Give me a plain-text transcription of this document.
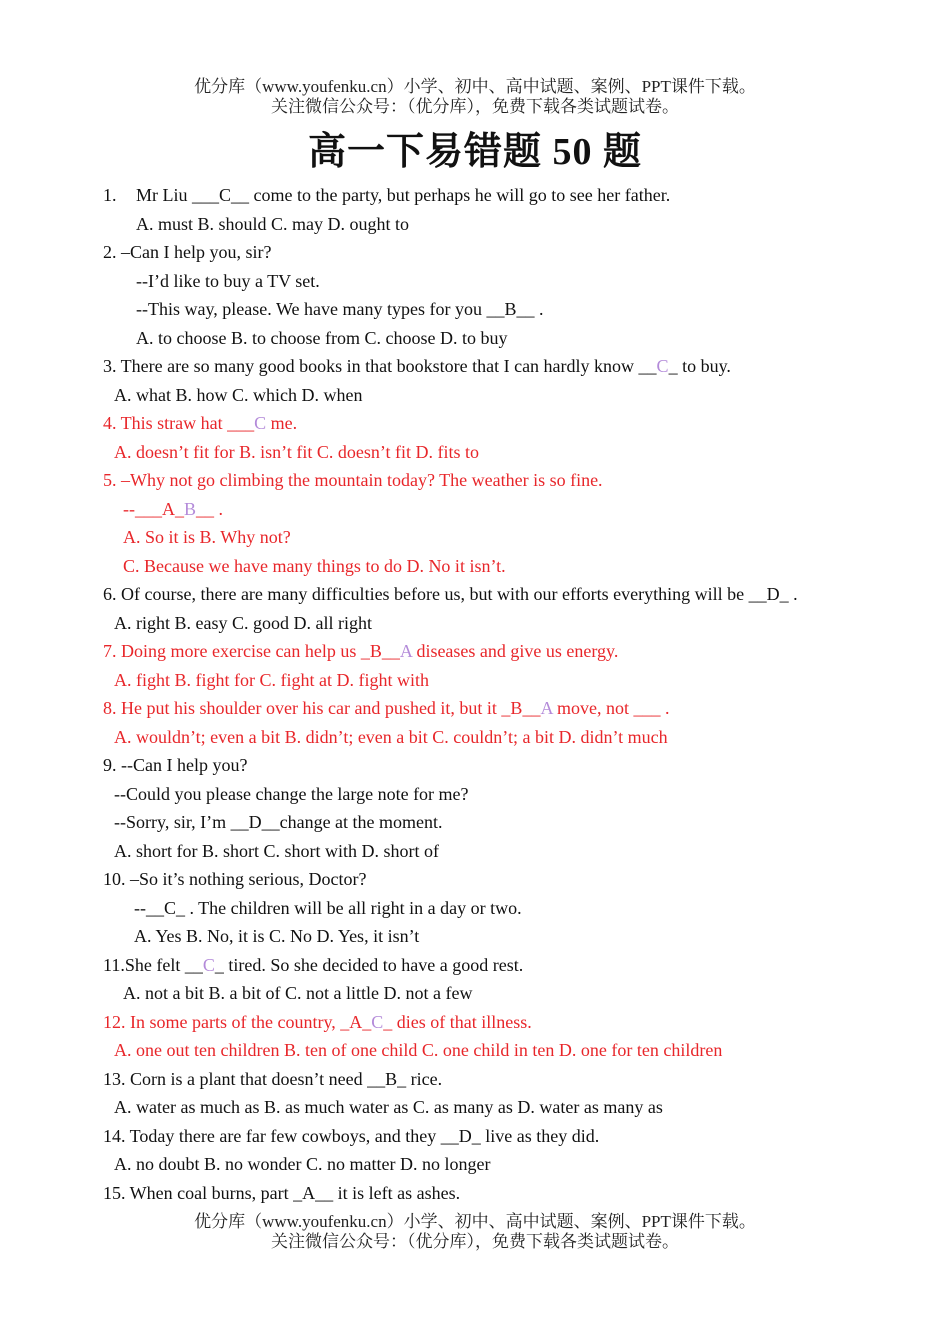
优分库（www.youfenku.cn）小学、初中、高中试题、案例、PPT课件下载。
关注微信公众号：（优分库），免费下载各类试题试卷。
高一下易错题 50 题
1. Mr Liu ___C__ come to the party, but perhaps he will go to see her father.
A. must B. should C. may D. ought to
2. –Can I help you, sir?
--I’d like to buy a TV set.
--This way, please. We have many types for you __B__ .
A. to choose B. to choose from C. choose D. to buy
3. There are so many good books in that bookstore that I can hardly know __C_ to buy.
A. what B. how C. which D. when
4. This straw hat ___C me.
A. doesn’t fit for B. isn’t fit C. doesn’t fit D. fits to
5. –Why not go climbing the mountain today? The weather is so fine.
--___A_B__ .
A. So it is B. Why not?
C. Because we have many things to do D. No it isn’t.
6. Of course, there are many difficulties before us, but with our efforts everything will be __D_ .
A. right B. easy C. good D. all right
7. Doing more exercise can help us _B__A diseases and give us energy.
A. fight B. fight for C. fight at D. fight with
8. He put his shoulder over his car and pushed it, but it _B__A move, not ___ .
A. wouldn’t; even a bit B. didn’t; even a bit C. couldn’t; a bit D. didn’t much
9. --Can I help you?
--Could you please change the large note for me?
--Sorry, sir, I’m __D__change at the moment.
A. short for B. short C. short with D. short of
10. –So it’s nothing serious, Doctor?
--__C_ . The children will be all right in a day or two.
A. Yes B. No, it is C. No D. Yes, it isn’t
11.She felt __C_ tired. So she decided to have a good rest.
A. not a bit B. a bit of C. not a little D. not a few
12. In some parts of the country, _A_C_ dies of that illness.
A. one out ten children B. ten of one child C. one child in ten D. one for ten children
13. Corn is a plant that doesn’t need __B_ rice.
A. water as much as B. as much water as C. as many as D. water as many as
14. Today there are far few cowboys, and they __D_ live as they did.
A. no doubt B. no wonder C. no matter D. no longer
15. When coal burns, part _A__ it is left as ashes.
优分库（www.youfenku.cn）小学、初中、高中试题、案例、PPT课件下载。
关注微信公众号：（优分库），免费下载各类试题试卷。
